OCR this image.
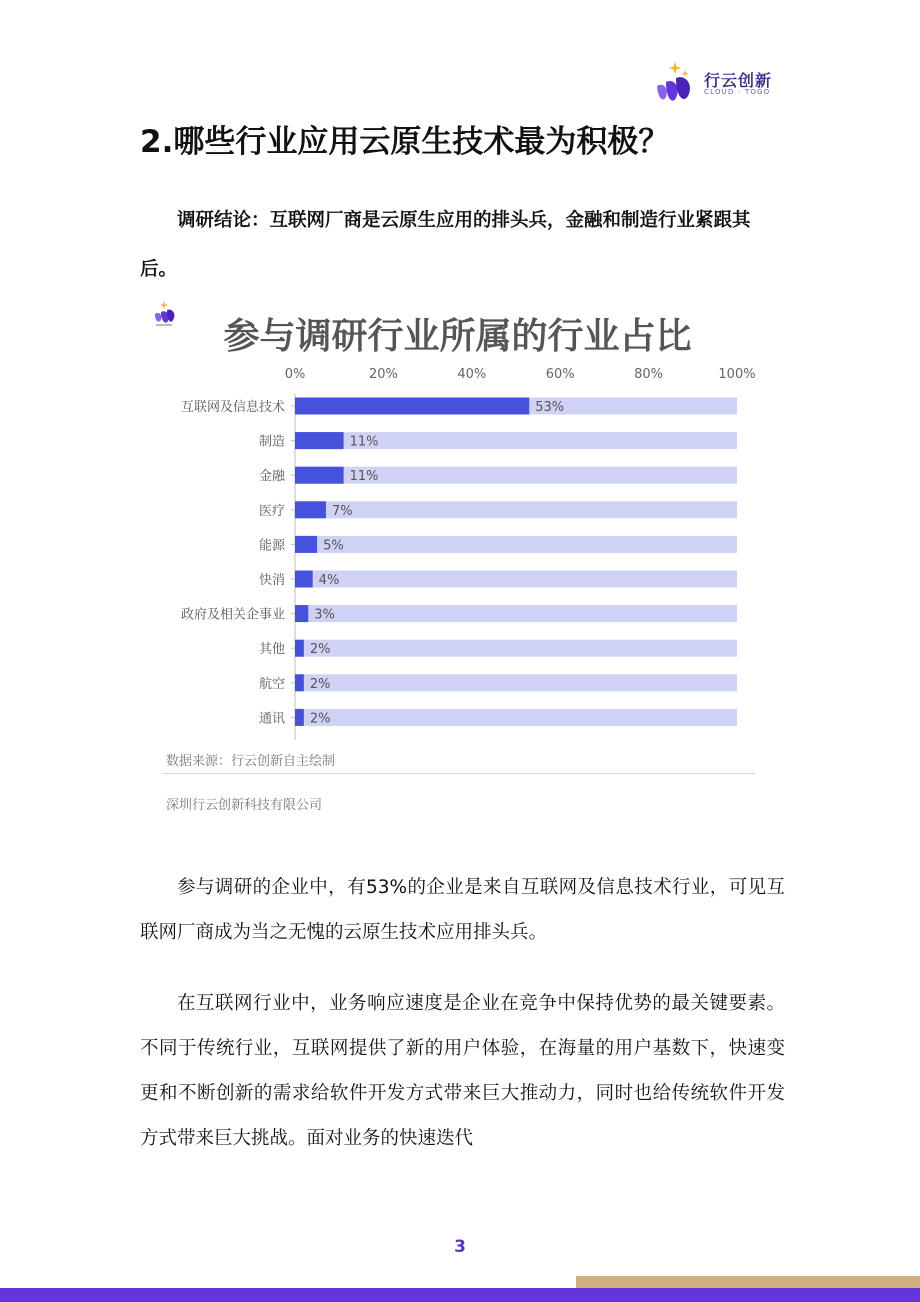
行云创新
CLOUD · TOGO
2.哪些行业应用云原生技术最为积极？

调研结论：互联网厂商是云原生应用的排头兵，金融和制造行业紧跟其后。

参与调研行业所属的行业占比
0%	20%	40%	60%	80%	100%
互联网及信息技术	53%
制造	11%
金融	11%
医疗	7%
能源	5%
快消	4%
政府及相关企事业 3%
其他 2%
航空 2%
通讯 2%
数据来源：行云创新自主绘制
深圳行云创新科技有限公司

参与调研的企业中，有53%的企业是来自互联网及信息技术行业，可见互联网厂商成为当之无愧的云原生技术应用排头兵。

在互联网行业中，业务响应速度是企业在竞争中保持优势的最关键要素。不同于传统行业，互联网提供了新的用户体验，在海量的用户基数下，快速变更和不断创新的需求给软件开发方式带来巨大推动力，同时也给传统软件开发方式带来巨大挑战。面对业务的快速迭代

3
